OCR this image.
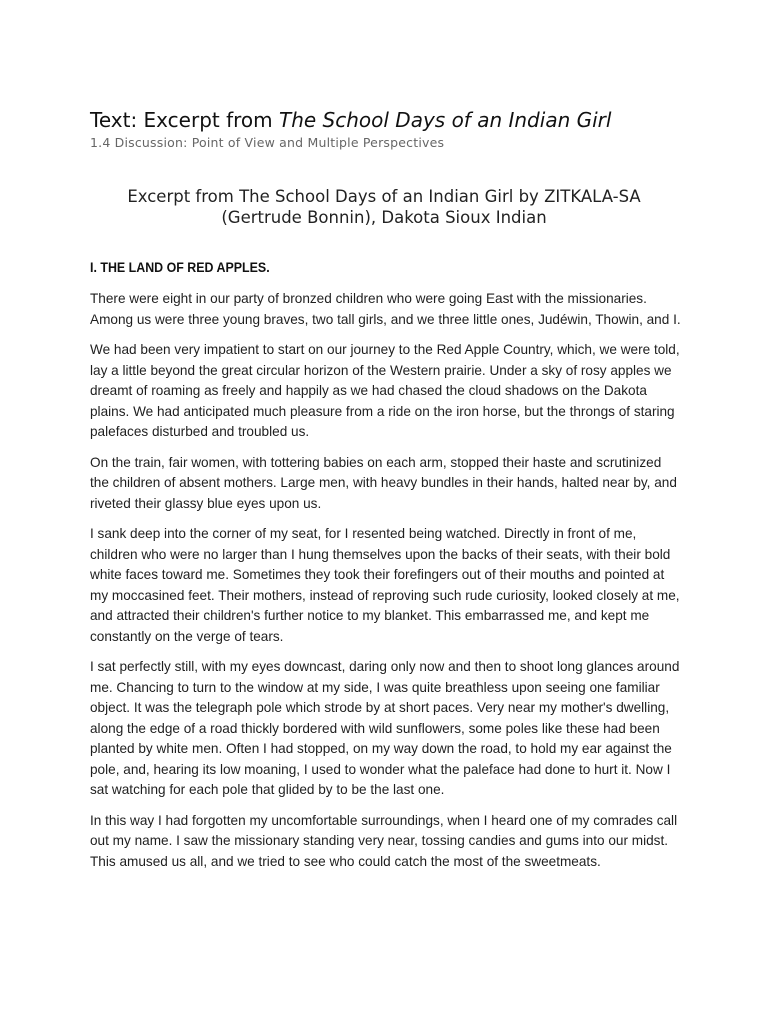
Text: Excerpt from The School Days of an Indian Girl
1.4 Discussion: Point of View and Multiple Perspectives
Excerpt from The School Days of an Indian Girl by ZITKALA-SA
(Gertrude Bonnin), Dakota Sioux Indian
I. THE LAND OF RED APPLES.

There were eight in our party of bronzed children who were going East with the missionaries. Among us were three young braves, two tall girls, and we three little ones, Judéwin, Thowin, and I.

We had been very impatient to start on our journey to the Red Apple Country, which, we were told, lay a little beyond the great circular horizon of the Western prairie. Under a sky of rosy apples we dreamt of roaming as freely and happily as we had chased the cloud shadows on the Dakota plains. We had anticipated much pleasure from a ride on the iron horse, but the throngs of staring palefaces disturbed and troubled us.

On the train, fair women, with tottering babies on each arm, stopped their haste and scrutinized the children of absent mothers. Large men, with heavy bundles in their hands, halted near by, and riveted their glassy blue eyes upon us.

I sank deep into the corner of my seat, for I resented being watched. Directly in front of me, children who were no larger than I hung themselves upon the backs of their seats, with their bold white faces toward me. Sometimes they took their forefingers out of their mouths and pointed at my moccasined feet. Their mothers, instead of reproving such rude curiosity, looked closely at me, and attracted their children's further notice to my blanket. This embarrassed me, and kept me constantly on the verge of tears.

I sat perfectly still, with my eyes downcast, daring only now and then to shoot long glances around me. Chancing to turn to the window at my side, I was quite breathless upon seeing one familiar object. It was the telegraph pole which strode by at short paces. Very near my mother's dwelling, along the edge of a road thickly bordered with wild sunflowers, some poles like these had been planted by white men. Often I had stopped, on my way down the road, to hold my ear against the pole, and, hearing its low moaning, I used to wonder what the paleface had done to hurt it. Now I sat watching for each pole that glided by to be the last one.

In this way I had forgotten my uncomfortable surroundings, when I heard one of my comrades call out my name. I saw the missionary standing very near, tossing candies and gums into our midst. This amused us all, and we tried to see who could catch the most of the sweetmeats.
